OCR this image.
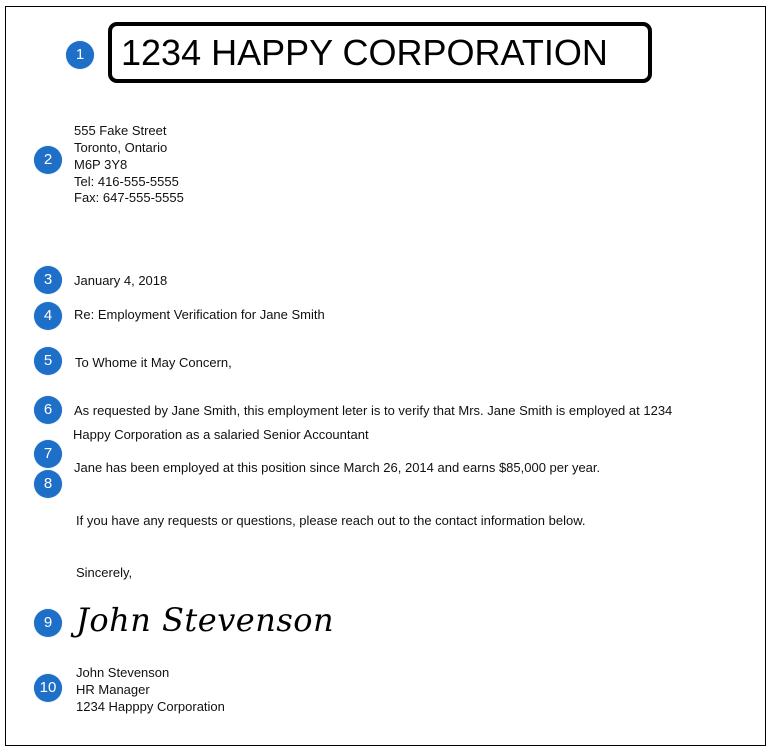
1 1234 HAPPY CORPORATION
2
555 Fake Street
Toronto, Ontario
M6P 3Y8
Tel: 416-555-5555
Fax: 647-555-5555
3	January 4, 2018
4	Re: Employment Verification for Jane Smith
5	To Whome it May Concern,
6	As requested by Jane Smith, this employment leter is to verify that Mrs. Jane Smith is employed at 1234
Happy Corporation as a salaried Senior Accountant
7
8
Jane has been employed at this position since March 26, 2014 and earns $85,000 per year.
If you have any requests or questions, please reach out to the contact information below.
Sincerely,
9 John Stevenson
10
John Stevenson
HR Manager
1234 Happpy Corporation
